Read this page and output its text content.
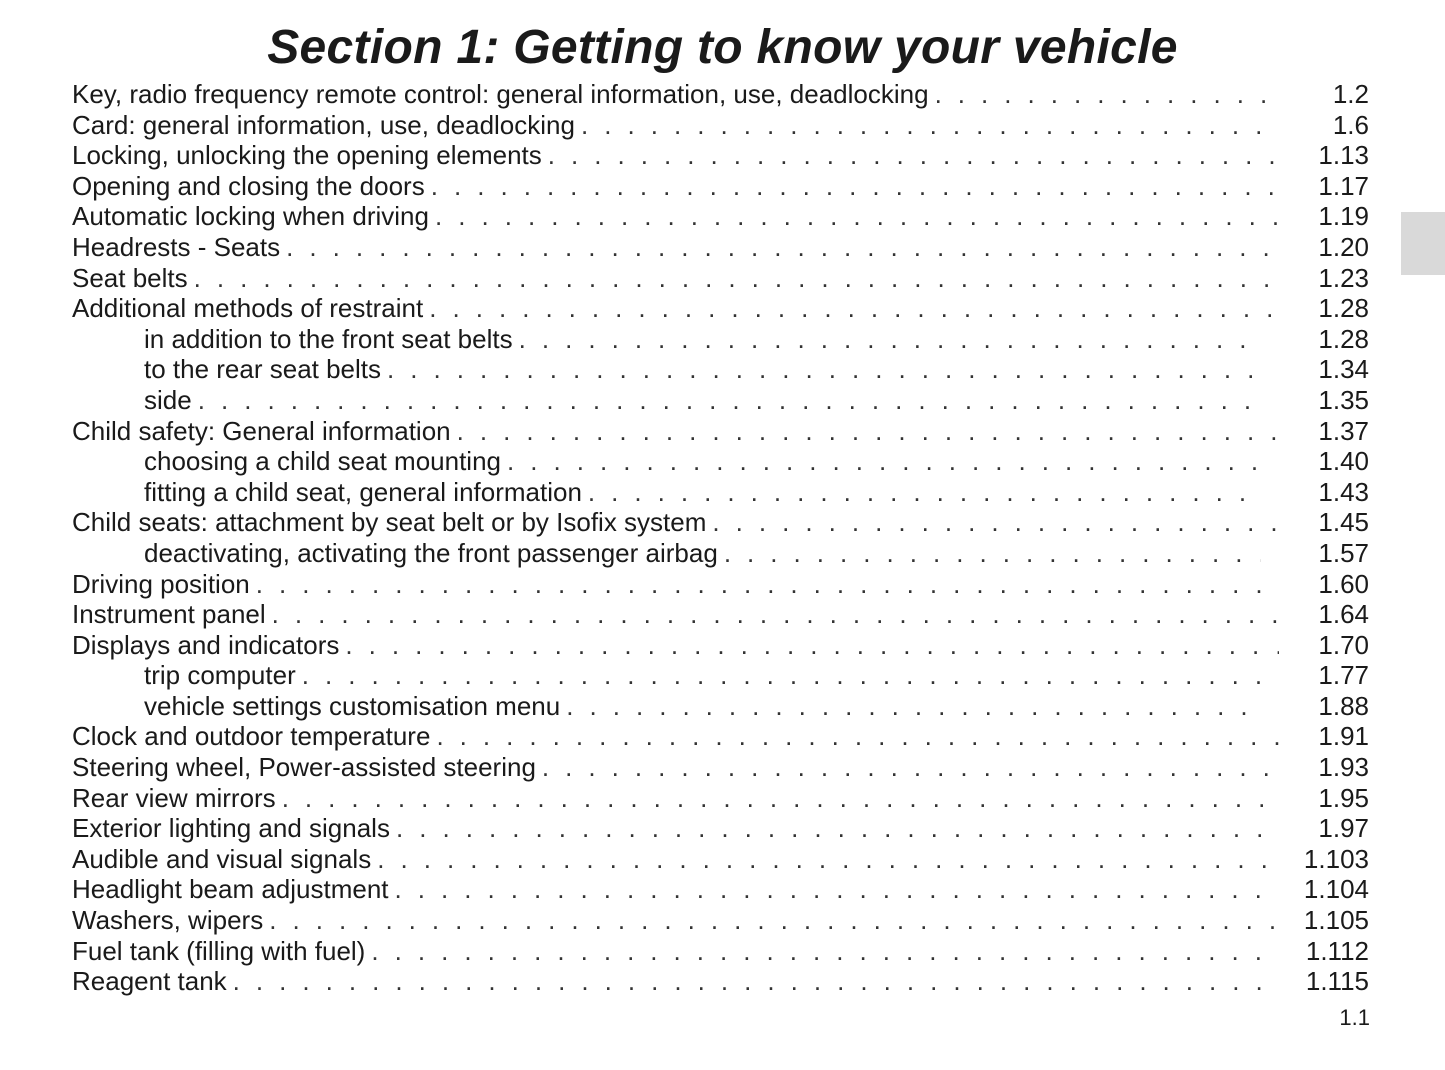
Section 1: Getting to know your vehicle
Key, radio frequency remote control: general information, use, deadlocking . . .	1.2
Card: general information, use, deadlocking . . .	1.6
Locking, unlocking the opening elements . . .	1.13
Opening and closing the doors . . .	1.17
Automatic locking when driving . . .	1.19
Headrests - Seats . . .	1.20
Seat belts . . .	1.23
Additional methods of restraint . . .	1.28
in addition to the front seat belts . . .	1.28
to the rear seat belts . . .	1.34
side . . .	1.35
Child safety: General information . . .	1.37
choosing a child seat mounting . . .	1.40
fitting a child seat, general information . . .	1.43
Child seats: attachment by seat belt or by Isofix system . . .	1.45
deactivating, activating the front passenger airbag . . .	1.57
Driving position . . .	1.60
Instrument panel . . .	1.64
Displays and indicators . . .	1.70
trip computer . . .	1.77
vehicle settings customisation menu . . .	1.88
Clock and outdoor temperature . . .	1.91
Steering wheel, Power-assisted steering . . .	1.93
Rear view mirrors . . .	1.95
Exterior lighting and signals . . .	1.97
Audible and visual signals . . .	1.103
Headlight beam adjustment . . .	1.104
Washers, wipers . . .	1.105
Fuel tank (filling with fuel) . . .	1.112
Reagent tank . . .	1.115
1.1
